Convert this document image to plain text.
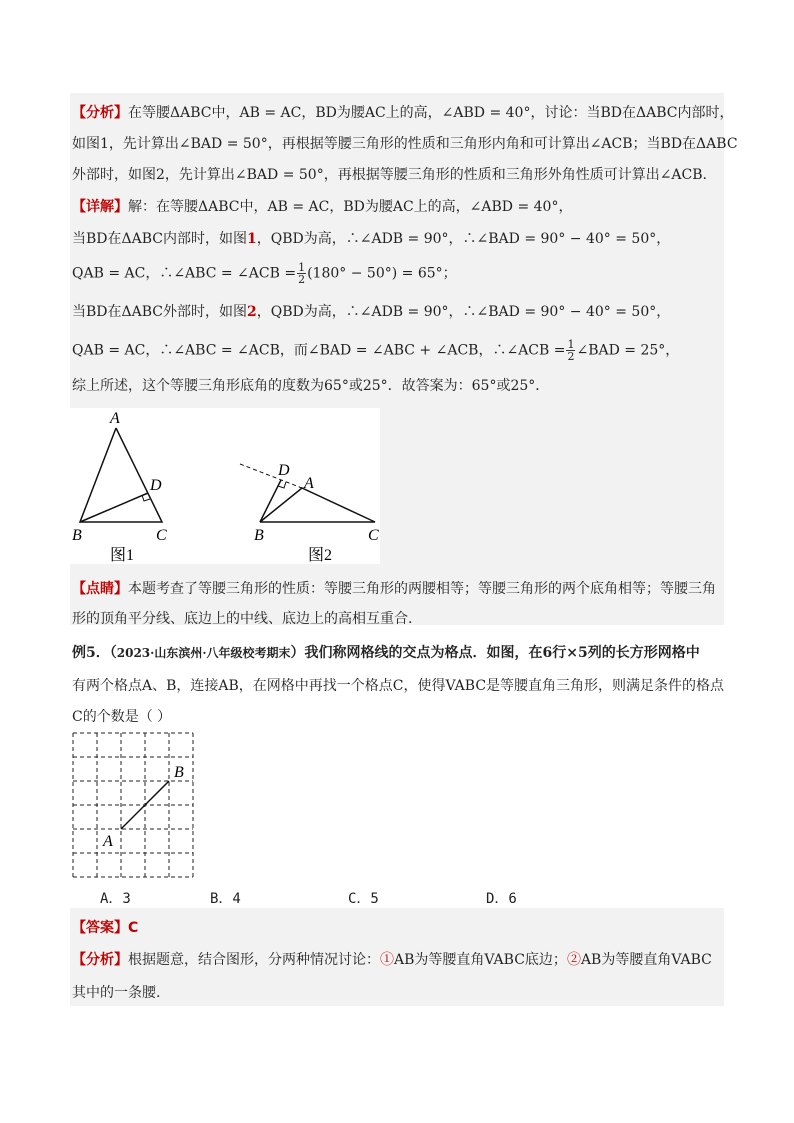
【分析】在等腰ΔABC中，AB = AC，BD为腰AC上的高，∠ABD = 40°，讨论：当BD在ΔABC内部时，
如图1，先计算出∠BAD = 50°，再根据等腰三角形的性质和三角形内角和可计算出∠ACB；当BD在ΔABC
外部时，如图2，先计算出∠BAD = 50°，再根据等腰三角形的性质和三角形外角性质可计算出∠ACB.
【详解】解：在等腰ΔABC中，AB = AC，BD为腰AC上的高，∠ABD = 40°，
当BD在ΔABC内部时，如图1，QBD为高，∴∠ADB = 90°，∴∠BAD = 90° − 40° = 50°，
QAB = AC，∴∠ABC = ∠ACB = $\frac{1}{2} (180^\circ - 50^\circ) = 65^\circ$；
当BD在ΔABC外部时，如图2，QBD为高，∴∠ADB = 90°，∴∠BAD = 90° − 40° = 50°，
QAB = AC，∴∠ABC = ∠ACB，而∠BAD = ∠ABC + ∠ACB，∴∠ACB = $\frac{1}{2}$ ∠BAD = 25°，
综上所述，这个等腰三角形底角的度数为65°或25°．故答案为：65°或25°．
A
D
B	C
图1
D
A
B	C
图2
【点睛】本题考查了等腰三角形的性质：等腰三角形的两腰相等；等腰三角形的两个底角相等；等腰三角
形的顶角平分线、底边上的中线、底边上的高相互重合.
例5．（2023·山东滨州·八年级校考期末）我们称网格线的交点为格点．如图，在6行×5列的长方形网格中
有两个格点A、B，连接AB，在网格中再找一个格点C，使得VABC是等腰直角三角形，则满足条件的格点
C的个数是（ ）
A
B
A．3	B．4	C．5	D．6
【答案】C
【分析】根据题意，结合图形，分两种情况讨论：①AB为等腰直角VABC底边；②AB为等腰直角VABC
其中的一条腰.
